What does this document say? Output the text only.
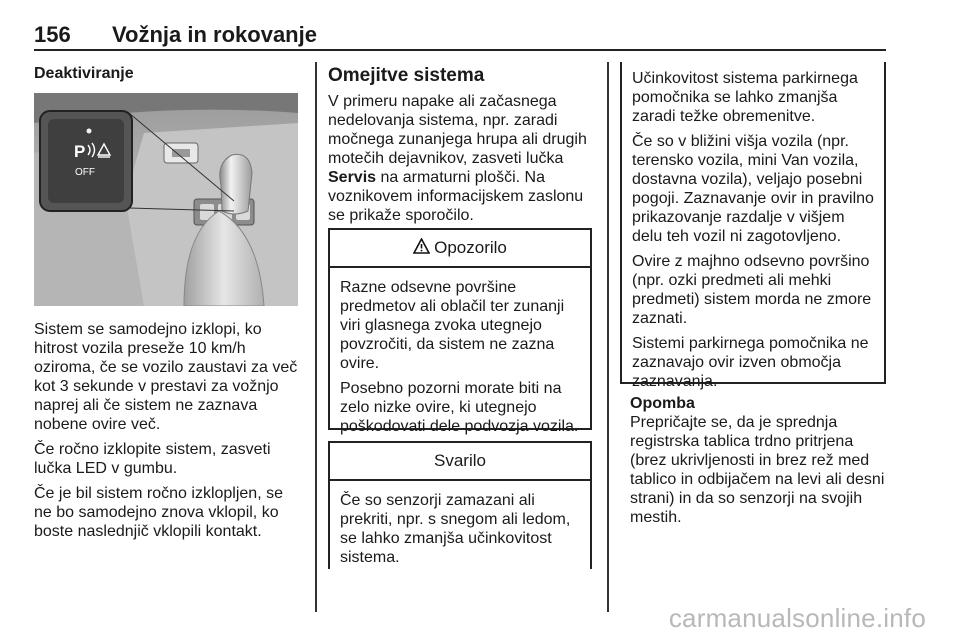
156 Vožnja in rokovanje
Deaktiviranje
P
OFF

Sistem se samodejno izklopi, ko hitrost vozila preseže 10 km/h oziroma, če se vozilo zaustavi za več kot 3 sekunde v prestavi za vožnjo naprej ali če sistem ne zaznava nobene ovire več.

Če ročno izklopite sistem, zasveti lučka LED v gumbu.

Če je bil sistem ročno izklopljen, se ne bo samodejno znova vklopil, ko boste naslednjič vklopili kontakt.

Omejitve sistema

V primeru napake ali začasnega nedelovanja sistema, npr. zaradi močnega zunanjega hrupa ali drugih motečih dejavnikov, zasveti lučka Servis na armaturni plošči. Na voznikovem informacijskem zaslonu se prikaže sporočilo.

Opozorilo

Razne odsevne površine predmetov ali oblačil ter zunanji viri glasnega zvoka utegnejo povzročiti, da sistem ne zazna ovire.

Posebno pozorni morate biti na zelo nizke ovire, ki utegnejo poškodovati dele podvozja vozila.

Svarilo

Če so senzorji zamazani ali prekriti, npr. s snegom ali ledom, se lahko zmanjša učinkovitost sistema.

Učinkovitost sistema parkirnega pomočnika se lahko zmanjša zaradi težke obremenitve.

Če so v bližini višja vozila (npr. terensko vozila, mini Van vozila, dostavna vozila), veljajo posebni pogoji. Zaznavanje ovir in pravilno prikazovanje razdalje v višjem delu teh vozil ni zagotovljeno.

Ovire z majhno odsevno površino (npr. ozki predmeti ali mehki predmeti) sistem morda ne zmore zaznati.

Sistemi parkirnega pomočnika ne zaznavajo ovir izven območja zaznavanja.

Opomba

Prepričajte se, da je sprednja registrska tablica trdno pritrjena (brez ukrivljenosti in brez rež med tablico in odbijačem na levi ali desni strani) in da so senzorji na svojih mestih.

carmanualsonline.info
